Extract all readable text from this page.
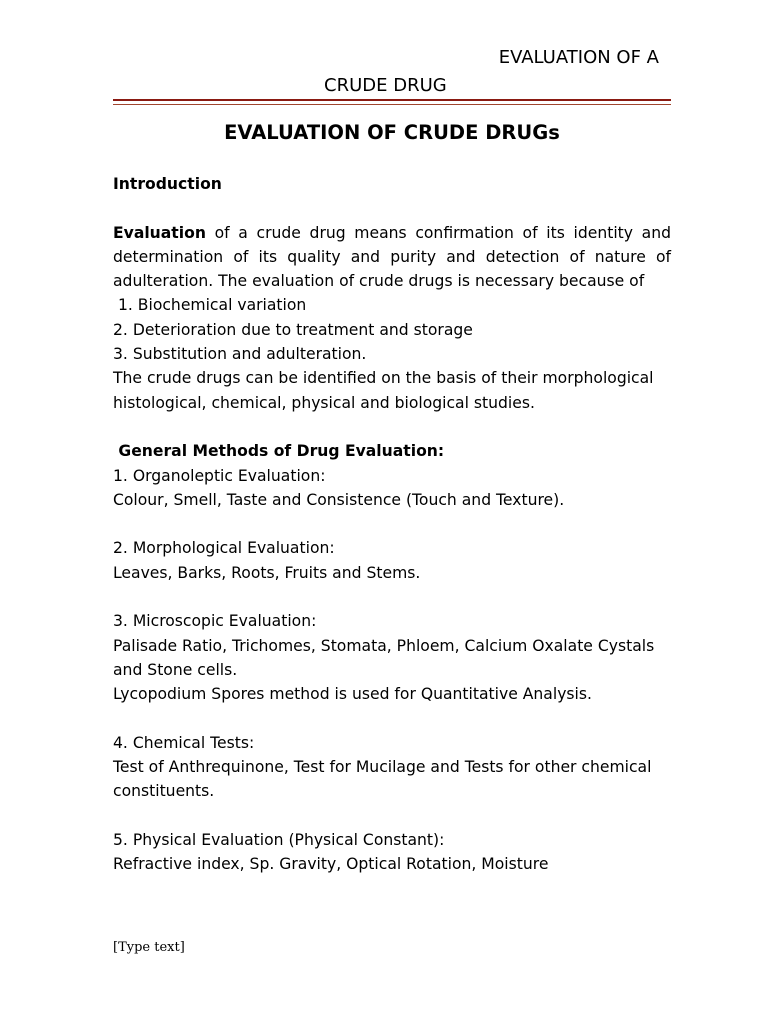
EVALUATION OF A
CRUDE DRUG
EVALUATION OF CRUDE DRUGs

Introduction

Evaluation of a crude drug means confirmation of its identity and determination of its quality and purity and detection of nature of adulteration. The evaluation of crude drugs is necessary because of

1. Biochemical variation

2. Deterioration due to treatment and storage

3. Substitution and adulteration.

The crude drugs can be identified on the basis of their morphological   histological, chemical, physical and biological studies.

General Methods of Drug Evaluation:

1. Organoleptic Evaluation:

Colour, Smell, Taste and Consistence (Touch and Texture).

2. Morphological Evaluation:

Leaves, Barks, Roots, Fruits and Stems.

3. Microscopic Evaluation:

Palisade Ratio, Trichomes, Stomata, Phloem, Calcium Oxalate Cystals and Stone cells.

Lycopodium Spores method is used for Quantitative Analysis.

4. Chemical Tests:

Test of Anthrequinone, Test for Mucilage and Tests for other chemical constituents.

5. Physical Evaluation (Physical Constant):

Refractive index, Sp. Gravity, Optical Rotation, Moisture

[Type text]
